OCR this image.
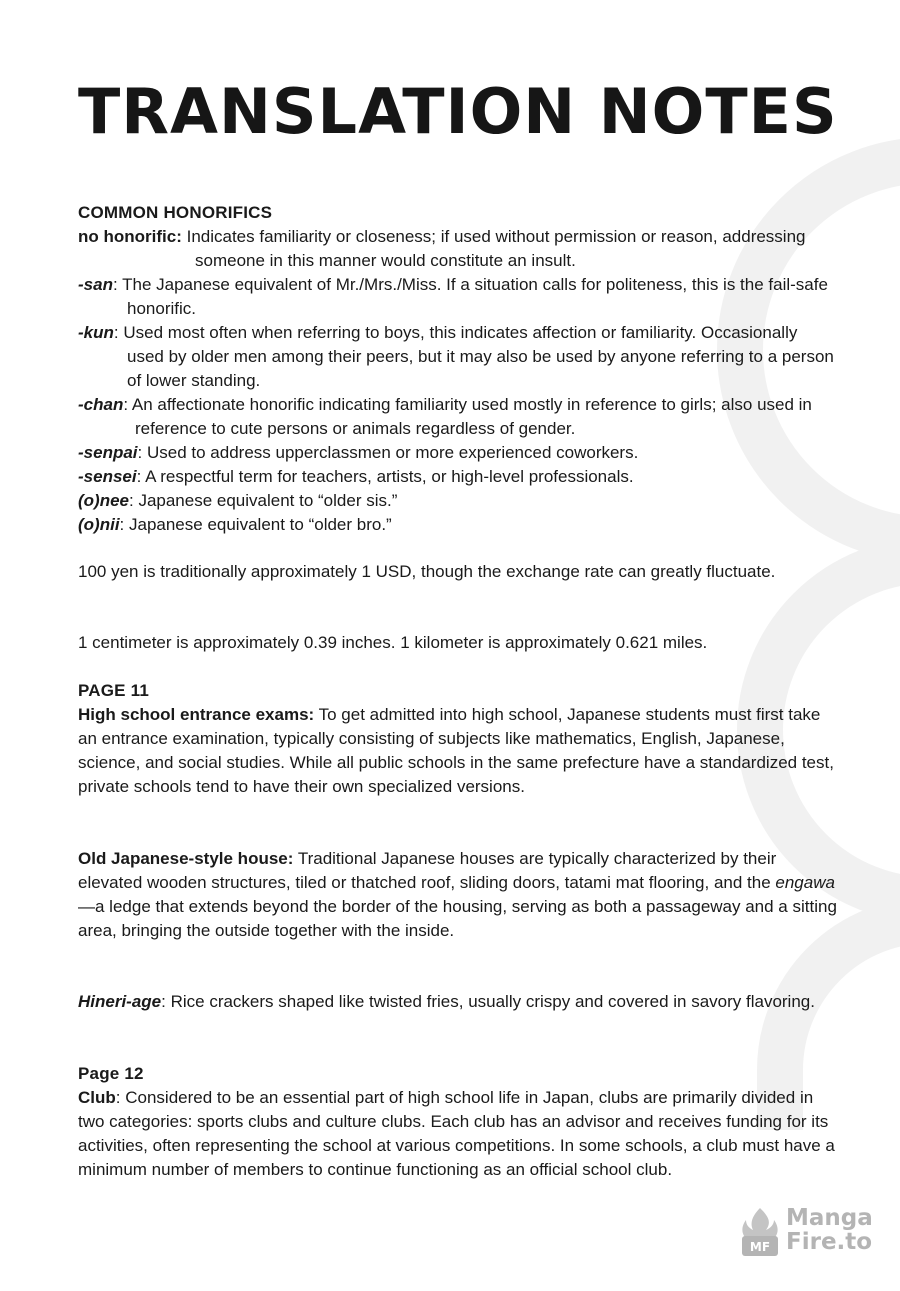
TRANSLATION NOTES
COMMON HONORIFICS
no honorific: Indicates familiarity or closeness; if used without permission or reason, addressing someone in this manner would constitute an insult.
-san: The Japanese equivalent of Mr./Mrs./Miss. If a situation calls for politeness, this is the fail-safe honorific.
-kun: Used most often when referring to boys, this indicates affection or familiarity. Occasionally used by older men among their peers, but it may also be used by anyone referring to a person of lower standing.
-chan: An affectionate honorific indicating familiarity used mostly in reference to girls; also used in reference to cute persons or animals regardless of gender.
-senpai: Used to address upperclassmen or more experienced coworkers.
-sensei: A respectful term for teachers, artists, or high-level professionals.
(o)nee: Japanese equivalent to “older sis.”
(o)nii: Japanese equivalent to “older bro.”

100 yen is traditionally approximately 1 USD, though the exchange rate can greatly fluctuate.

1 centimeter is approximately 0.39 inches. 1 kilometer is approximately 0.621 miles.

PAGE 11

High school entrance exams: To get admitted into high school, Japanese students must first take an entrance examination, typically consisting of subjects like mathematics, English, Japanese, science, and social studies. While all public schools in the same prefecture have a standardized test, private schools tend to have their own specialized versions.

Old Japanese-style house: Traditional Japanese houses are typically characterized by their elevated wooden structures, tiled or thatched roof, sliding doors, tatami mat flooring, and the engawa—a ledge that extends beyond the border of the housing, serving as both a passageway and a sitting area, bringing the outside together with the inside.

Hineri-age: Rice crackers shaped like twisted fries, usually crispy and covered in savory flavoring.

Page 12

Club: Considered to be an essential part of high school life in Japan, clubs are primarily divided in two categories: sports clubs and culture clubs. Each club has an advisor and receives funding for its activities, often representing the school at various competitions. In some schools, a club must have a minimum number of members to continue functioning as an official school club.

MF
Manga
Fire.to
